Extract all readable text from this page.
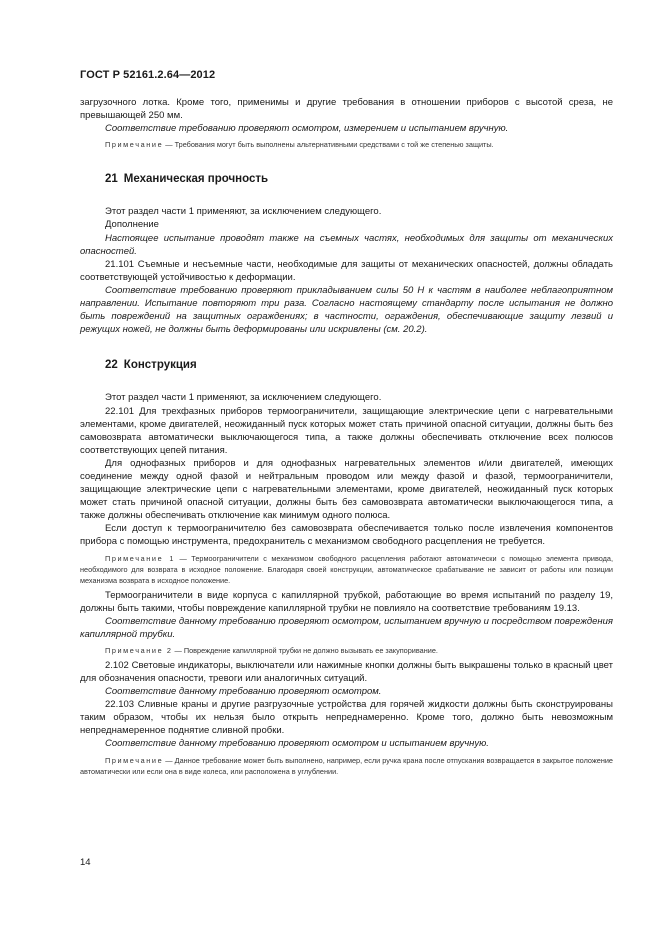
ГОСТ Р 52161.2.64—2012

загрузочного лотка. Кроме того, применимы и другие требования в отношении приборов с высотой среза, не превышающей 250 мм.

Соответствие требованию проверяют осмотром, измерением и испытанием вручную.

Примечание — Требования могут быть выполнены альтернативными средствами с той же степенью защиты.

21 Механическая прочность

Этот раздел части 1 применяют, за исключением следующего.

Дополнение

Настоящее испытание проводят также на съемных частях, необходимых для защиты от механических опасностей.

21.101 Съемные и несъемные части, необходимые для защиты от механических опасностей, должны обладать соответствующей устойчивостью к деформации.

Соответствие требованию проверяют прикладыванием силы 50 Н к частям в наиболее неблагоприятном направлении. Испытание повторяют три раза. Согласно настоящему стандарту после испытания не должно быть повреждений на защитных ограждениях; в частности, ограждения, обеспечивающие защиту лезвий и режущих ножей, не должны быть деформированы или искривлены (см. 20.2).

22 Конструкция

Этот раздел части 1 применяют, за исключением следующего.

22.101 Для трехфазных приборов термоограничители, защищающие электрические цепи с нагревательными элементами, кроме двигателей, неожиданный пуск которых может стать причиной опасной ситуации, должны быть без самовозврата автоматически выключающегося типа, а также должны обеспечивать отключение всех полюсов соответствующих цепей питания.

Для однофазных приборов и для однофазных нагревательных элементов и/или двигателей, имеющих соединение между одной фазой и нейтральным проводом или между фазой и фазой, термоограничители, защищающие электрические цепи с нагревательными элементами, кроме двигателей, неожиданный пуск которых может стать причиной опасной ситуации, должны быть без самовозврата автоматически выключающегося типа, а также должны обеспечивать отключение как минимум одного полюса.

Если доступ к термоограничителю без самовозврата обеспечивается только после извлечения компонентов прибора с помощью инструмента, предохранитель с механизмом свободного расцепления не требуется.

Примечание 1 — Термоограничители с механизмом свободного расцепления работают автоматически с помощью элемента привода, необходимого для возврата в исходное положение. Благодаря своей конструкции, автоматическое срабатывание не зависит от работы или позиции механизма возврата в исходное положение.

Термоограничители в виде корпуса с капиллярной трубкой, работающие во время испытаний по разделу 19, должны быть такими, чтобы повреждение капиллярной трубки не повлияло на соответствие требованиям 19.13.

Соответствие данному требованию проверяют осмотром, испытанием вручную и посредством повреждения капиллярной трубки.

Примечание 2 — Повреждение капиллярной трубки не должно вызывать ее закупоривание.

2.102 Световые индикаторы, выключатели или нажимные кнопки должны быть выкрашены только в красный цвет для обозначения опасности, тревоги или аналогичных ситуаций.

Соответствие данному требованию проверяют осмотром.

22.103 Сливные краны и другие разгрузочные устройства для горячей жидкости должны быть сконструированы таким образом, чтобы их нельзя было открыть непреднамеренно. Кроме того, должно быть невозможным непреднамеренное поднятие сливной пробки.

Соответствие данному требованию проверяют осмотром и испытанием вручную.

Примечание — Данное требование может быть выполнено, например, если ручка крана после отпускания возвращается в закрытое положение автоматически или если она в виде колеса, или расположена в углублении.

14
